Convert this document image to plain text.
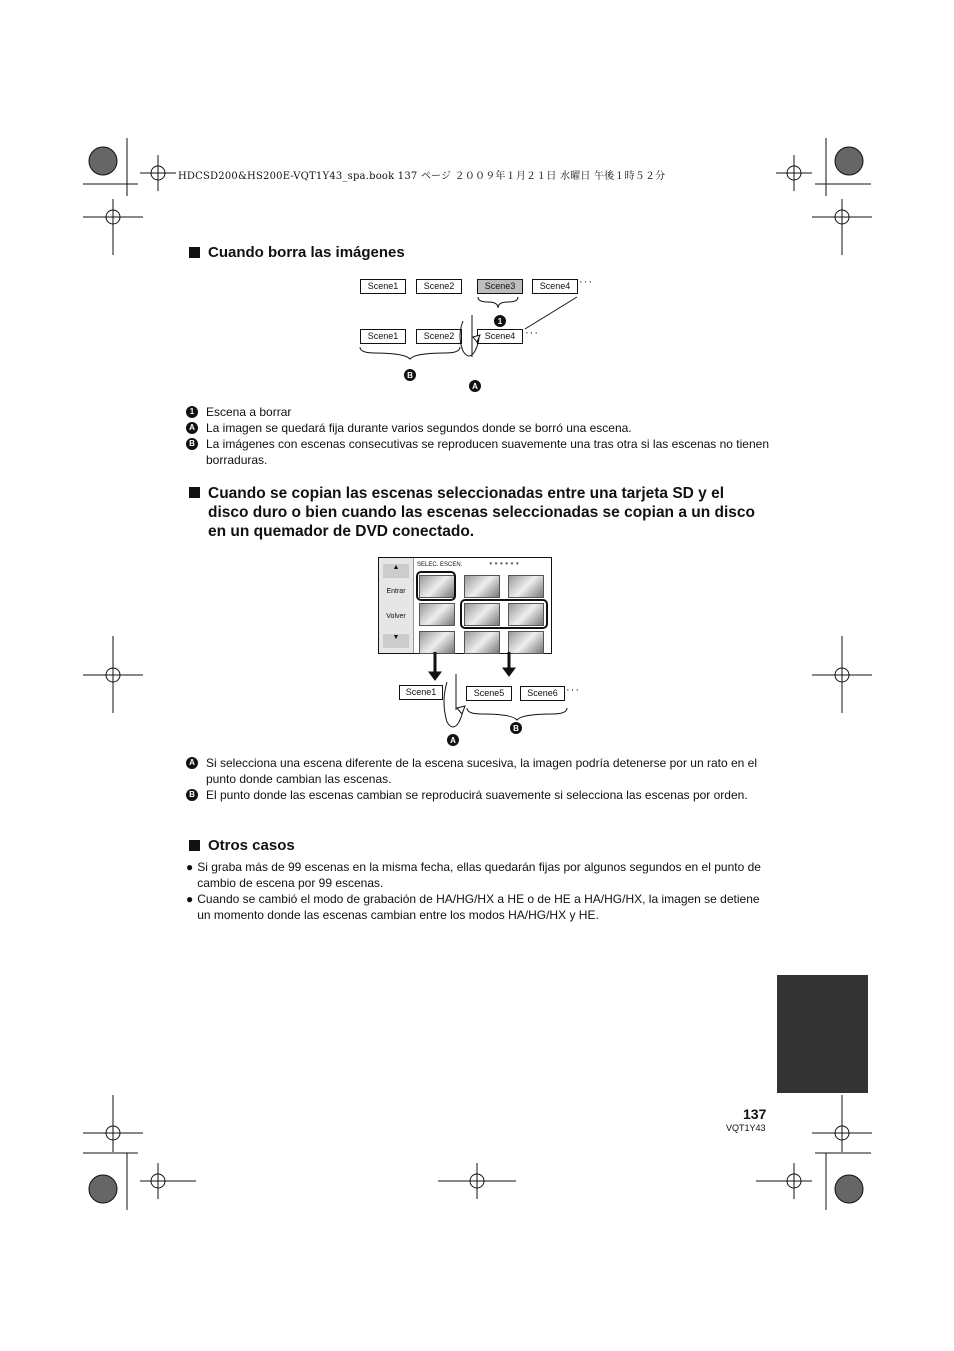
HDCSD200&HS200E-VQT1Y43_spa.book 137 ページ ２００９年１月２１日 水曜日 午後１時５２分
Cuando borra las imágenes
Scene1	Scene2	Scene3	Scene4 ···
Scene1	Scene2	Scene4 ···
1
A
B
1 Escena a borrar
A La imagen se quedará fija durante varios segundos donde se borró una escena.
B La imágenes con escenas consecutivas se reproducen suavemente una tras otra si las escenas no tienen borraduras.
Cuando se copian las escenas seleccionadas entre una tarjeta SD y el disco duro o bien cuando las escenas seleccionadas se copian a un disco en un quemador de DVD conectado.
▲
Entrar
Volver
▼
SELEC. ESCEN.	● ● ● ● ● ●
Scene1	Scene5	Scene6 ···
A
B
A Si selecciona una escena diferente de la escena sucesiva, la imagen podría detenerse por un rato en el punto donde cambian las escenas.
B El punto donde las escenas cambian se reproducirá suavemente si selecciona las escenas por orden.
Otros casos
● Si graba más de 99 escenas en la misma fecha, ellas quedarán fijas por algunos segundos en el punto de cambio de escena por 99 escenas.
● Cuando se cambió el modo de grabación de HA/HG/HX a HE o de HE a HA/HG/HX, la imagen se detiene un momento donde las escenas cambian entre los modos HA/HG/HX y HE.
137
VQT1Y43
